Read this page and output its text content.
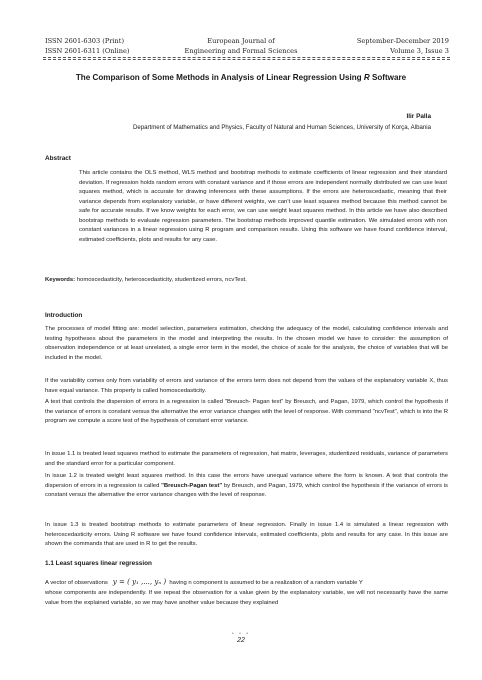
ISSN 2601-6303 (Print)
ISSN 2601-6311 (Online)
European Journal of
Engineering and Formal Sciences
September-December 2019
Volume 3, Issue 3
The Comparison of Some Methods in Analysis of Linear Regression Using R Software
Ilir Palla
Department of Mathematics and Physics, Faculty of Natural and Human Sciences, University of Korça, Albania
Abstract
This article contains the OLS method, WLS method and bootstrap methods to estimate coefficients of linear regression and their standard deviation. If regression holds random errors with constant variance and if those errors are independent normally distributed we can use least squares method, which is accurate for drawing inferences with these assumptions. If the errors are heteroscedastic, meaning that their variance depends from explanatory variable, or have different weights, we can't use least squares method because this method cannot be safe for accurate results. If we know weights for each error, we can use weight least squares method. In this article we have also described bootstrap methods to evaluate regression parameters. The bootstrap methods improved quantile estimation. We simulated errors with non constant variances in a linear regression using R program and comparison results. Using this software we have found confidence interval, estimated coefficients, plots and results for any case.
Keywords: homoscedasticity, heteroscedasticity, studentized errors, ncvTest.
Introduction
The processes of model fitting are: model selection, parameters estimation, checking the adequacy of the model, calculating confidence intervals and testing hypotheses about the parameters in the model and interpreting the results. In the chosen model we have to consider: the assumption of observation independence or at least unrelated, a single error term in the model, the choice of scale for the analysis, the choice of variables that will be included in the model.
If the variability comes only from variability of errors and variance of the errors term does not depend from the values of the explanatory variable X, thus have equal variance. This property is called homoscedasticity.
A test that controls the dispersion of errors in a regression is called "Breusch- Pagan test" by Breusch, and Pagan, 1979, which control the hypothesis if the variance of errors is constant versus the alternative the error variance changes with the level of response. With command "ncvTest", which is into the R program we compute a score test of the hypothesis of constant error variance.
In issue 1.1 is treated least squares method to estimate the parameters of regression, hat matrix, leverages, studentized residuals, variance of parameters and the standard error for a particular component.
In issue 1.2 is treated weight least squares method. In this case the errors have unequal variance where the form is known. A test that controls the dispersion of errors in a regression is called "Breusch-Pagan test" by Breusch, and Pagan, 1979, which control the hypothesis if the variance of errors is constant versus the alternative the error variance changes with the level of response.
In issue 1.3 is treated bootstrap methods to estimate parameters of linear regression. Finally in issue 1.4 is simulated a linear regression with heteroscedasticity errors. Using R software we have found confidence intervals, estimated coefficients, plots and results for any case. In this issue are shown the commands that are used in R to get the results.
1.1 Least squares linear regression
A vector of observations y = ( y₁ ,..., yₙ ) having n component is assumed to be a realization of a random variable Y
whose components are independently. If we repeat the observation for a value given by the explanatory variable, we will not necessarily have the same value from the explained variable, so we may have another value because they explained
• • •
22
